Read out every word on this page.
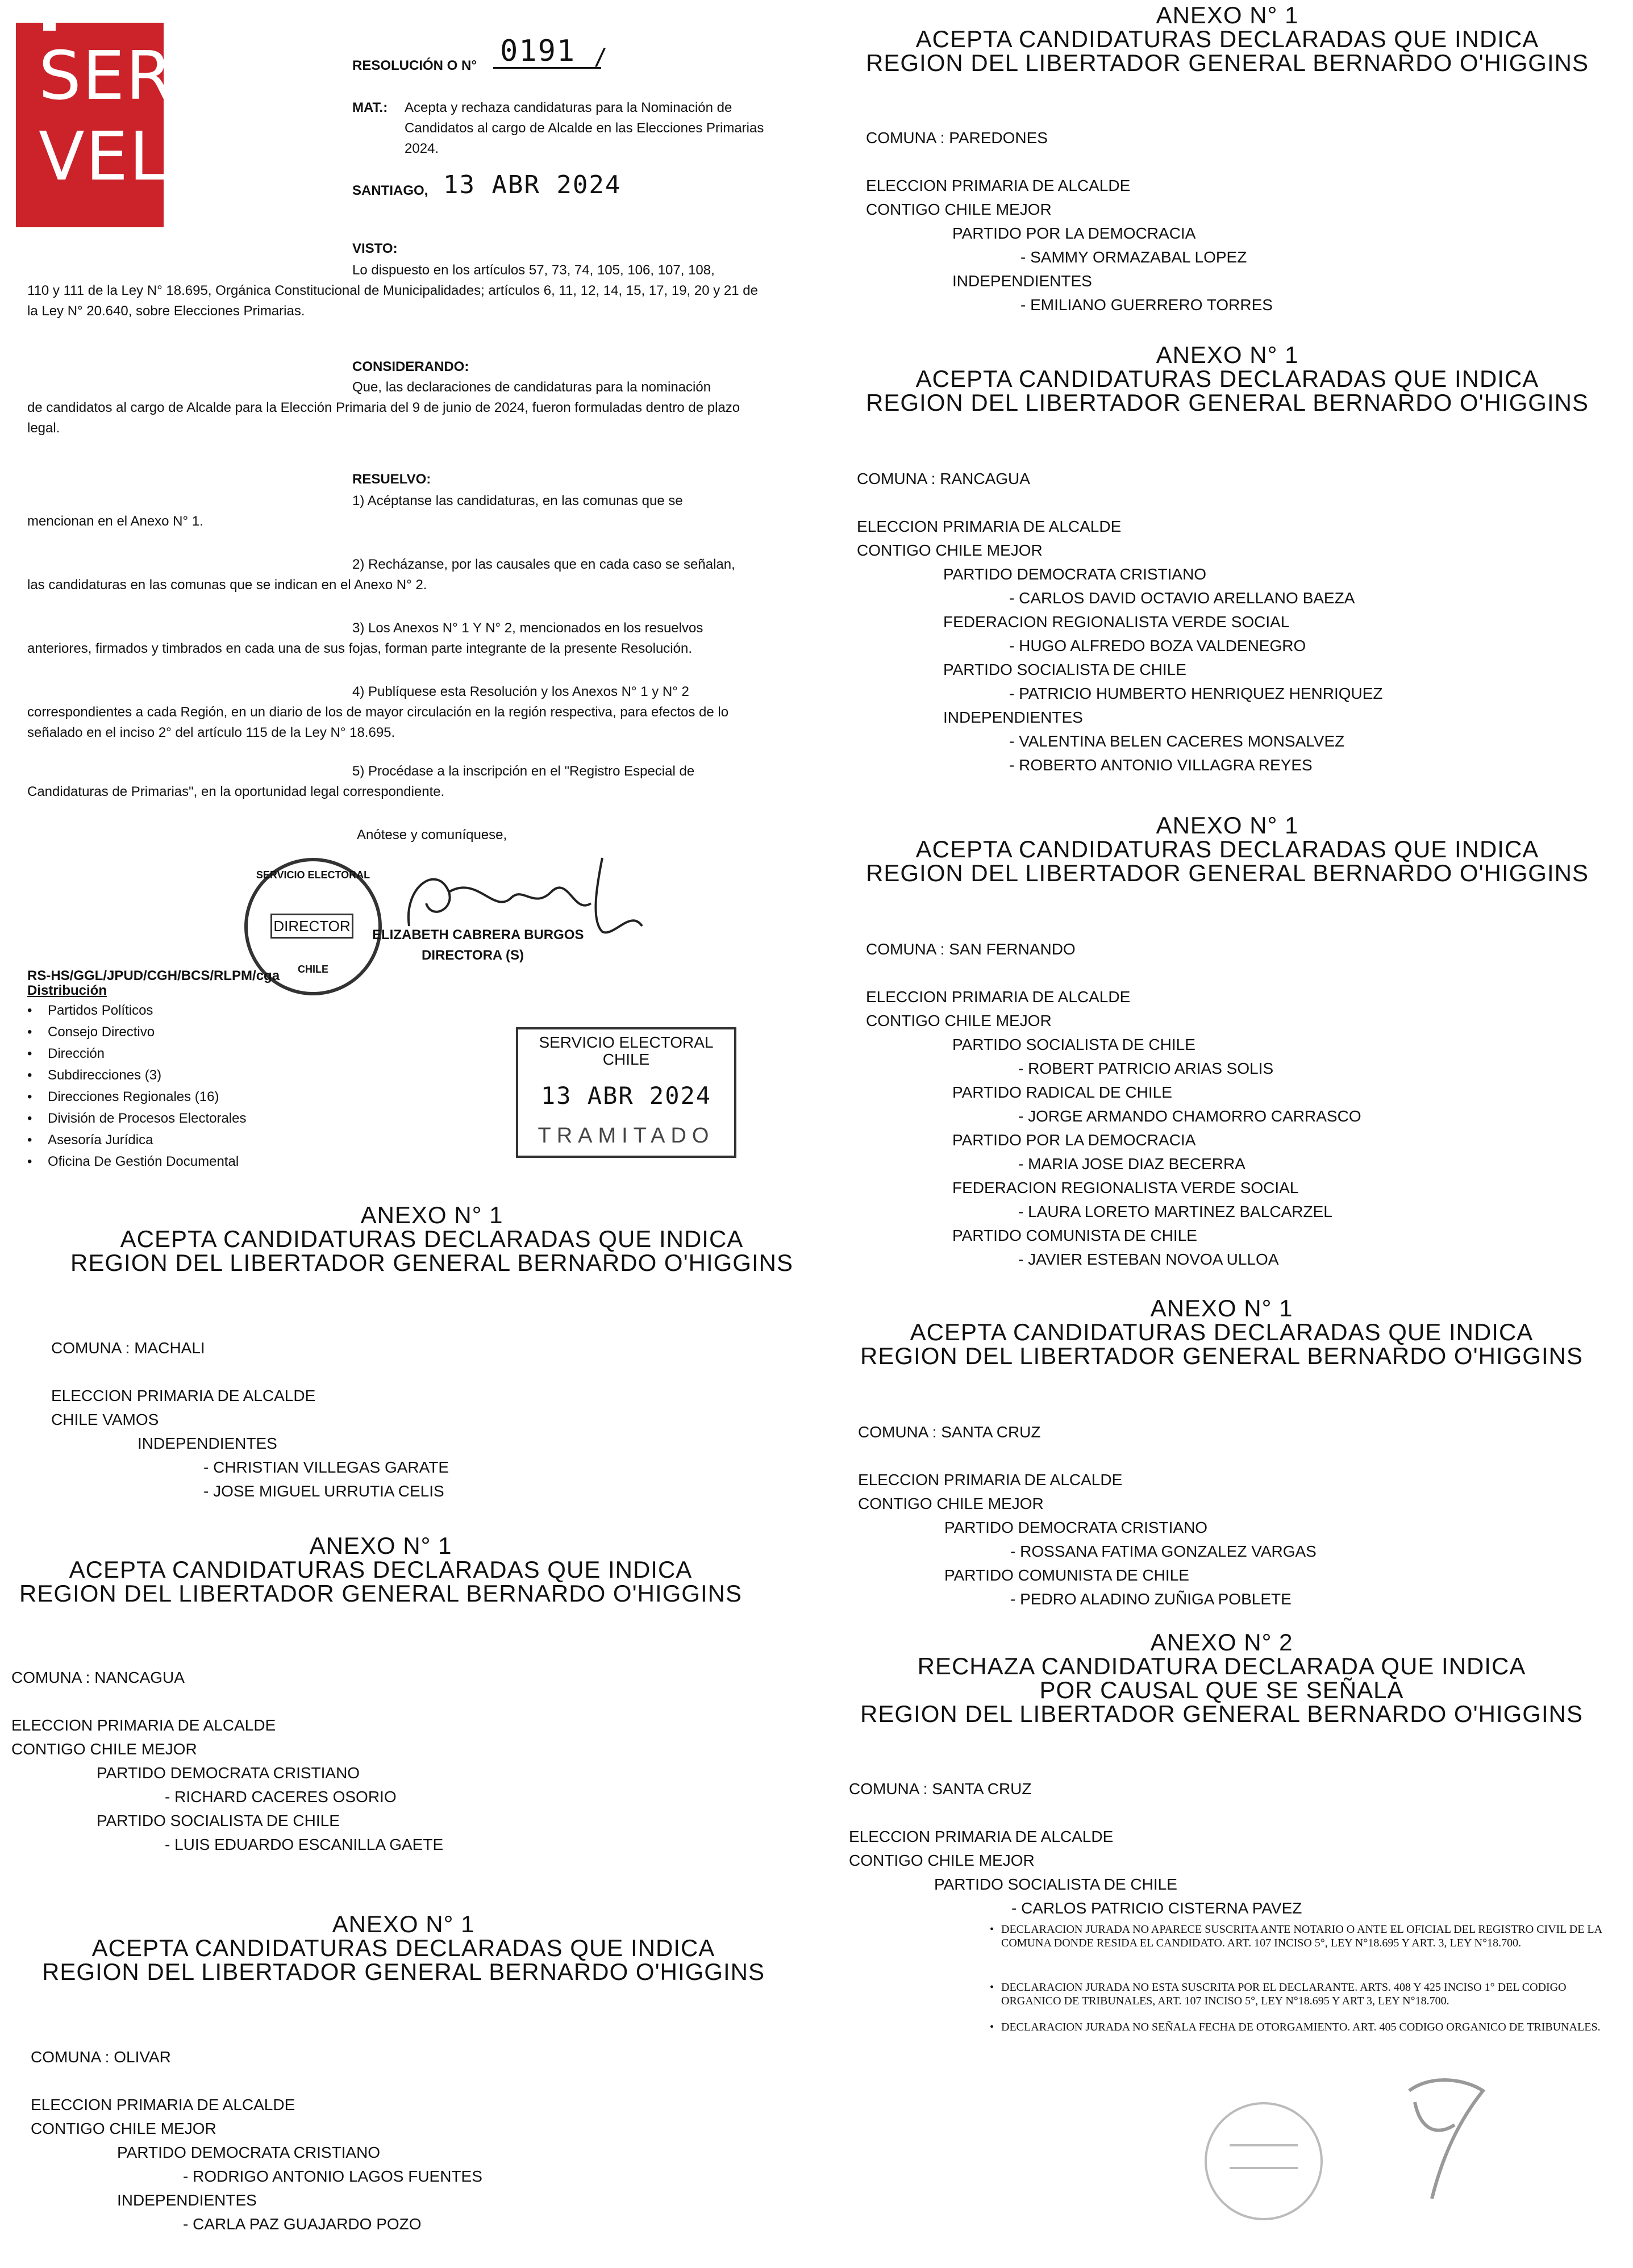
SER
VEL
RESOLUCIÓN O N° 0191 /
MAT.: Acepta y rechaza candidaturas para la Nominación de Candidatos al cargo de Alcalde en las Elecciones Primarias 2024.
SANTIAGO, 13 ABR 2024
VISTO:
Lo dispuesto en los artículos 57, 73, 74, 105, 106, 107, 108,
110 y 111 de la Ley N° 18.695, Orgánica Constitucional de Municipalidades; artículos 6, 11, 12, 14, 15, 17, 19, 20 y 21 de la Ley N° 20.640, sobre Elecciones Primarias.
CONSIDERANDO:
Que, las declaraciones de candidaturas para la nominación
de candidatos al cargo de Alcalde para la Elección Primaria del 9 de junio de 2024, fueron formuladas dentro de plazo legal.
RESUELVO:
1) Acéptanse las candidaturas, en las comunas que se
mencionan en el Anexo N° 1.
2) Recházanse, por las causales que en cada caso se señalan,
las candidaturas en las comunas que se indican en el Anexo N° 2.
3) Los Anexos N° 1 Y N° 2, mencionados en los resuelvos
anteriores, firmados y timbrados en cada una de sus fojas, forman parte integrante de la presente Resolución.
4) Publíquese esta Resolución y los Anexos N° 1 y N° 2
correspondientes a cada Región, en un diario de los de mayor circulación en la región respectiva, para efectos de lo señalado en el inciso 2° del artículo 115 de la Ley N° 18.695.
5) Procédase a la inscripción en el "Registro Especial de
Candidaturas de Primarias", en la oportunidad legal correspondiente.
Anótese y comuníquese,
SERVICIO ELECTORAL
DIRECTOR
CHILE
ELIZABETH CABRERA BURGOS
DIRECTORA (S)
RS-HS/GGL/JPUD/CGH/BCS/RLPM/cga
Distribución
• Partidos Políticos
• Consejo Directivo
• Dirección
• Subdirecciones (3)
• Direcciones Regionales (16)
• División de Procesos Electorales
• Asesoría Jurídica
• Oficina De Gestión Documental
SERVICIO ELECTORAL
CHILE
13 ABR 2024
TRAMITADO
ANEXO N° 1
ACEPTA CANDIDATURAS DECLARADAS QUE INDICA
REGION DEL LIBERTADOR GENERAL BERNARDO O'HIGGINS
COMUNA : MACHALI
ELECCION PRIMARIA DE ALCALDE
CHILE VAMOS
INDEPENDIENTES
- CHRISTIAN VILLEGAS GARATE
- JOSE MIGUEL URRUTIA CELIS
ANEXO N° 1
ACEPTA CANDIDATURAS DECLARADAS QUE INDICA
REGION DEL LIBERTADOR GENERAL BERNARDO O'HIGGINS
COMUNA : NANCAGUA
ELECCION PRIMARIA DE ALCALDE
CONTIGO CHILE MEJOR
PARTIDO DEMOCRATA CRISTIANO
- RICHARD CACERES OSORIO
PARTIDO SOCIALISTA DE CHILE
- LUIS EDUARDO ESCANILLA GAETE
ANEXO N° 1
ACEPTA CANDIDATURAS DECLARADAS QUE INDICA
REGION DEL LIBERTADOR GENERAL BERNARDO O'HIGGINS
COMUNA : OLIVAR
ELECCION PRIMARIA DE ALCALDE
CONTIGO CHILE MEJOR
PARTIDO DEMOCRATA CRISTIANO
- RODRIGO ANTONIO LAGOS FUENTES
INDEPENDIENTES
- CARLA PAZ GUAJARDO POZO
ANEXO N° 1
ACEPTA CANDIDATURAS DECLARADAS QUE INDICA
REGION DEL LIBERTADOR GENERAL BERNARDO O'HIGGINS
COMUNA : PAREDONES
ELECCION PRIMARIA DE ALCALDE
CONTIGO CHILE MEJOR
PARTIDO POR LA DEMOCRACIA
- SAMMY ORMAZABAL LOPEZ
INDEPENDIENTES
- EMILIANO GUERRERO TORRES
ANEXO N° 1
ACEPTA CANDIDATURAS DECLARADAS QUE INDICA
REGION DEL LIBERTADOR GENERAL BERNARDO O'HIGGINS
COMUNA : RANCAGUA
ELECCION PRIMARIA DE ALCALDE
CONTIGO CHILE MEJOR
PARTIDO DEMOCRATA CRISTIANO
- CARLOS DAVID OCTAVIO ARELLANO BAEZA
FEDERACION REGIONALISTA VERDE SOCIAL
- HUGO ALFREDO BOZA VALDENEGRO
PARTIDO SOCIALISTA DE CHILE
- PATRICIO HUMBERTO HENRIQUEZ HENRIQUEZ
INDEPENDIENTES
- VALENTINA BELEN CACERES MONSALVEZ
- ROBERTO ANTONIO VILLAGRA REYES
ANEXO N° 1
ACEPTA CANDIDATURAS DECLARADAS QUE INDICA
REGION DEL LIBERTADOR GENERAL BERNARDO O'HIGGINS
COMUNA : SAN FERNANDO
ELECCION PRIMARIA DE ALCALDE
CONTIGO CHILE MEJOR
PARTIDO SOCIALISTA DE CHILE
- ROBERT PATRICIO ARIAS SOLIS
PARTIDO RADICAL DE CHILE
- JORGE ARMANDO CHAMORRO CARRASCO
PARTIDO POR LA DEMOCRACIA
- MARIA JOSE DIAZ BECERRA
FEDERACION REGIONALISTA VERDE SOCIAL
- LAURA LORETO MARTINEZ BALCARZEL
PARTIDO COMUNISTA DE CHILE
- JAVIER ESTEBAN NOVOA ULLOA
ANEXO N° 1
ACEPTA CANDIDATURAS DECLARADAS QUE INDICA
REGION DEL LIBERTADOR GENERAL BERNARDO O'HIGGINS
COMUNA : SANTA CRUZ
ELECCION PRIMARIA DE ALCALDE
CONTIGO CHILE MEJOR
PARTIDO DEMOCRATA CRISTIANO
- ROSSANA FATIMA GONZALEZ VARGAS
PARTIDO COMUNISTA DE CHILE
- PEDRO ALADINO ZUÑIGA POBLETE
ANEXO N° 2
RECHAZA CANDIDATURA DECLARADA QUE INDICA
POR CAUSAL QUE SE SEÑALA
REGION DEL LIBERTADOR GENERAL BERNARDO O'HIGGINS
COMUNA : SANTA CRUZ
ELECCION PRIMARIA DE ALCALDE
CONTIGO CHILE MEJOR
PARTIDO SOCIALISTA DE CHILE
- CARLOS PATRICIO CISTERNA PAVEZ
• DECLARACION JURADA NO APARECE SUSCRITA ANTE NOTARIO O ANTE EL OFICIAL DEL REGISTRO CIVIL DE LA COMUNA DONDE RESIDA EL CANDIDATO. ART. 107 INCISO 5°, LEY N°18.695 Y ART. 3, LEY N°18.700.
• DECLARACION JURADA NO ESTA SUSCRITA POR EL DECLARANTE. ARTS. 408 Y 425 INCISO 1° DEL CODIGO ORGANICO DE TRIBUNALES, ART. 107 INCISO 5°, LEY N°18.695 Y ART 3, LEY N°18.700.
• DECLARACION JURADA NO SEÑALA FECHA DE OTORGAMIENTO. ART. 405 CODIGO ORGANICO DE TRIBUNALES.
